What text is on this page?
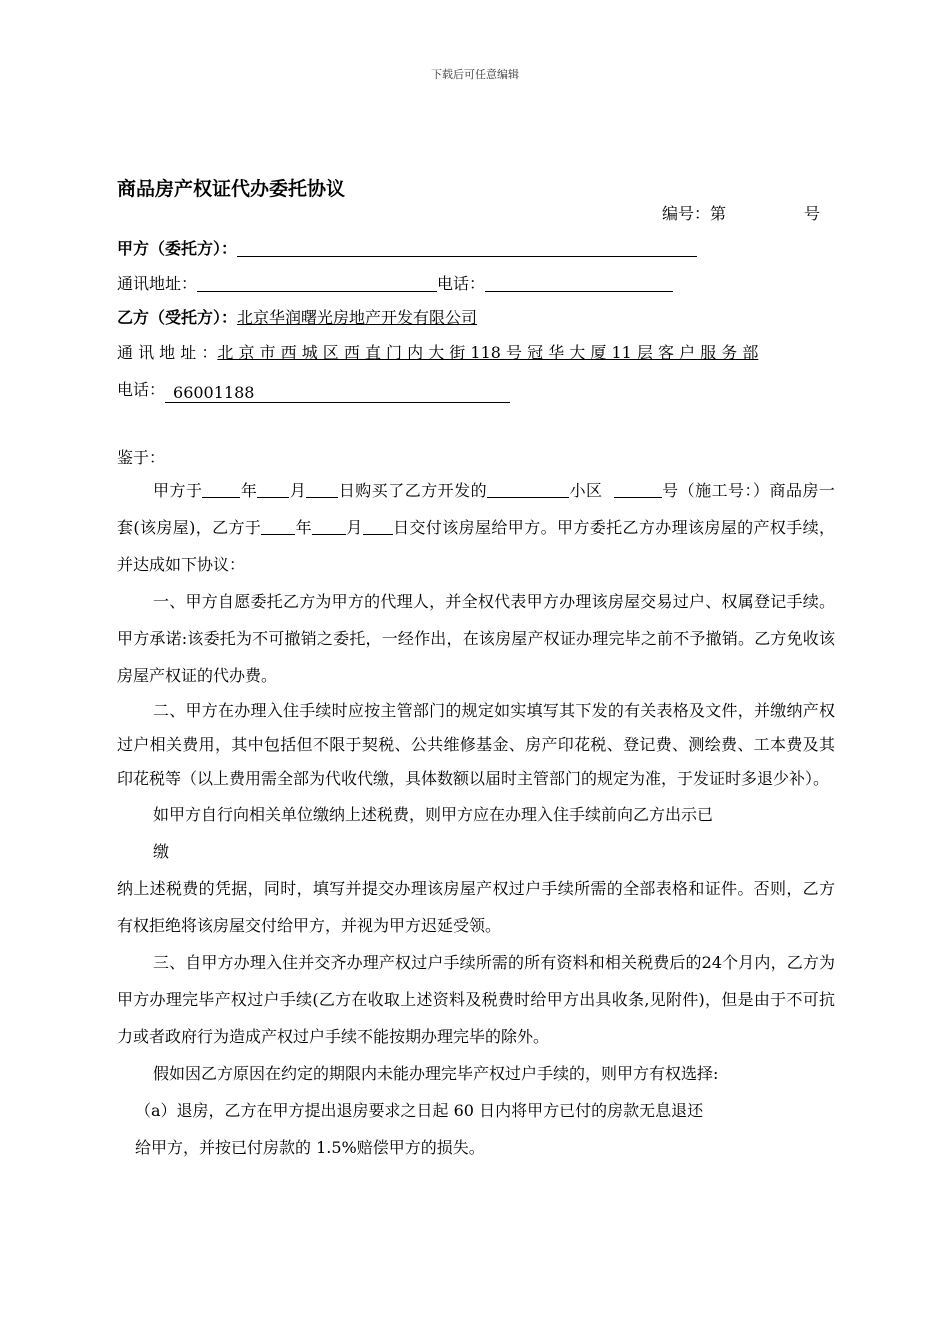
下载后可任意编辑
商品房产权证代办委托协议
编号：第	号
甲方（委托方）：
通讯地址：	电话：
乙方（受托方）：北京华润曙光房地产开发有限公司
通 讯 地 址 ：北 京 市 西 城 区 西 直 门 内 大 街 118 号 冠 华 大 厦 11 层 客 户 服 务 部
电话： 66001188
鉴于：

甲方于 年 月 日购买了乙方开发的	小区	号（施工号：）商品房一套(该房屋)，乙方于 年 月 日交付该房屋给甲方。甲方委托乙方办理该房屋的产权手续，并达成如下协议：

一、甲方自愿委托乙方为甲方的代理人，并全权代表甲方办理该房屋交易过户、权属登记手续。甲方承诺:该委托为不可撤销之委托，一经作出，在该房屋产权证办理完毕之前不予撤销。乙方免收该房屋产权证的代办费。

二、甲方在办理入住手续时应按主管部门的规定如实填写其下发的有关表格及文件，并缴纳产权过户相关费用，其中包括但不限于契税、公共维修基金、房产印花税、登记费、测绘费、工本费及其印花税等（以上费用需全部为代收代缴，具体数额以届时主管部门的规定为准，于发证时多退少补）。

如甲方自行向相关单位缴纳上述税费，则甲方应在办理入住手续前向乙方出示已

缴

纳上述税费的凭据，同时，填写并提交办理该房屋产权过户手续所需的全部表格和证件。否则，乙方有权拒绝将该房屋交付给甲方，并视为甲方迟延受领。

三、自甲方办理入住并交齐办理产权过户手续所需的所有资料和相关税费后的24个月内，乙方为甲方办理完毕产权过户手续(乙方在收取上述资料及税费时给甲方出具收条,见附件)，但是由于不可抗力或者政府行为造成产权过户手续不能按期办理完毕的除外。

假如因乙方原因在约定的期限内未能办理完毕产权过户手续的，则甲方有权选择:

（a）退房，乙方在甲方提出退房要求之日起 60 日内将甲方已付的房款无息退还

给甲方，并按已付房款的 1.5%赔偿甲方的损失。
